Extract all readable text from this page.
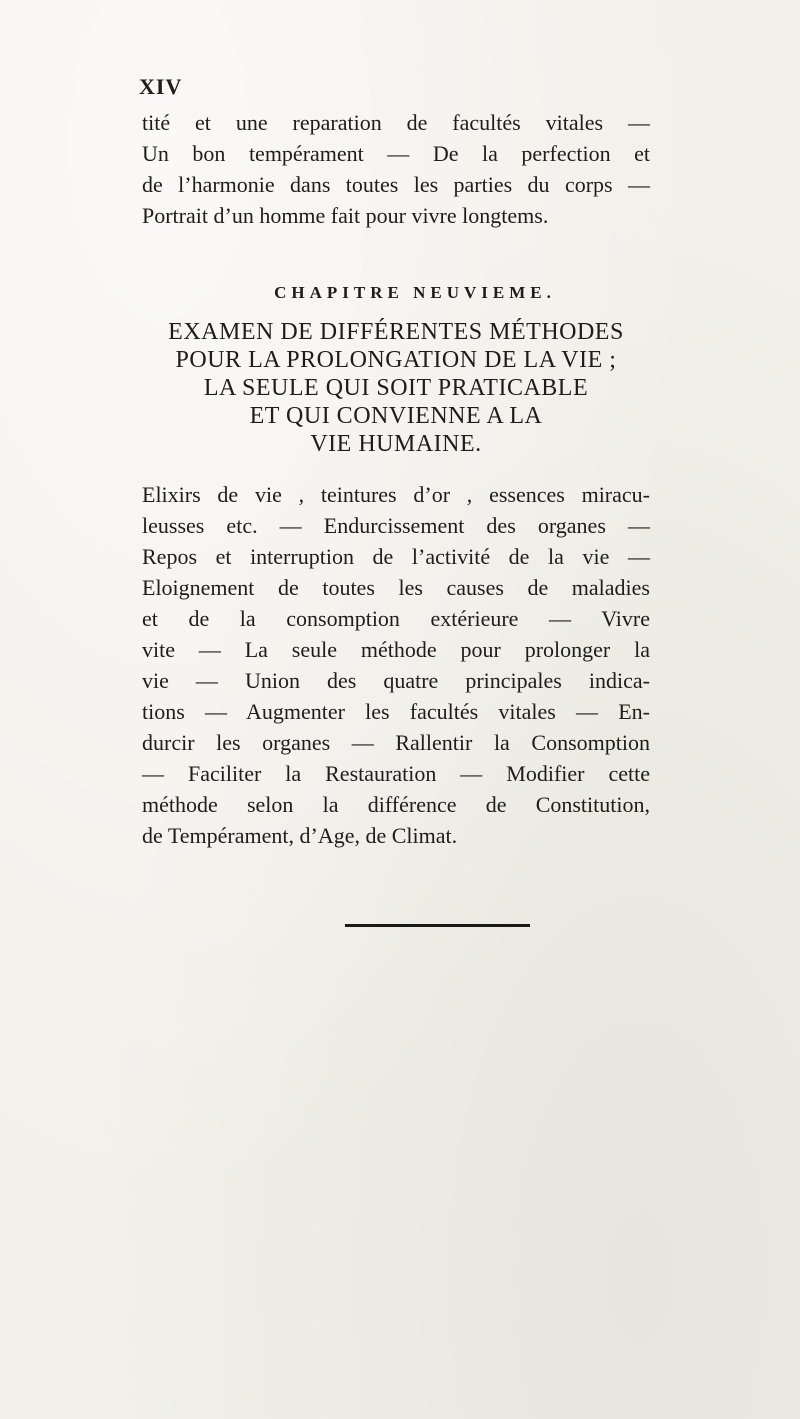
XIV
tité et une reparation de facultés vitales —
Un bon tempérament — De la perfection et
de l’harmonie dans toutes les parties du corps —
Portrait d’un homme fait pour vivre longtems.
CHAPITRE NEUVIEME.
EXAMEN DE DIFFÉRENTES MÉTHODES
POUR LA PROLONGATION DE LA VIE ;
LA SEULE QUI SOIT PRATICABLE
ET QUI CONVIENNE A LA
VIE HUMAINE.
Elixirs de vie , teintures d’or , essences miracu-
leusses etc. — Endurcissement des organes —
Repos et interruption de l’activité de la vie —
Eloignement de toutes les causes de maladies
et de la consomption extérieure — Vivre
vite — La seule méthode pour prolonger la
vie — Union des quatre principales indica-
tions — Augmenter les facultés vitales — En-
durcir les organes — Rallentir la Consomption
— Faciliter la Restauration — Modifier cette
méthode selon la différence de Constitution,
de Tempérament, d’Age, de Climat.
